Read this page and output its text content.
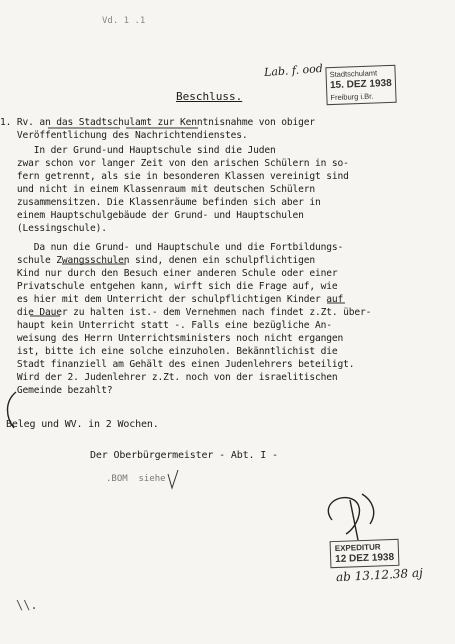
Vd. 1 .1
Lab. f. ood Stadtschulamt
15. DEZ 1938
Freiburg i.Br.
Beschluss.
1. Rv. an das Stadtschulamt zur Kenntnisnahme von obiger
Veröffentlichung des Nachrichtendienstes.
In der Grund-und Hauptschule sind die Juden
zwar schon vor langer Zeit von den arischen Schülern in so-
fern getrennt, als sie in besonderen Klassen vereinigt sind
und nicht in einem Klassenraum mit deutschen Schülern
zusammensitzen. Die Klassenräume befinden sich aber in
einem Hauptschulgebäude der Grund- und Hauptschulen
(Lessingschule).
Da nun die Grund- und Hauptschule und die Fortbildungs-
schule Zwangsschulen sind, denen ein schulpflichtigen
Kind nur durch den Besuch einer anderen Schule oder einer
Privatschule entgehen kann, wirft sich die Frage auf, wie
es hier mit dem Unterricht der schulpflichtigen Kinder auf
die Dauer zu halten ist.- dem Vernehmen nach findet z.Zt. über-
haupt kein Unterricht statt -. Falls eine bezügliche An-
weisung des Herrn Unterrichtsministers noch nicht ergangen
ist, bitte ich eine solche einzuholen. Bekänntlichist die
Stadt finanziell am Gehält des einen Judenlehrers beteiligt.
Wird der 2. Judenlehrer z.Zt. noch von der israelitischen
Gemeinde bezahlt?
Beleg und WV. in 2 Wochen.
Der Oberbürgermeister - Abt. I -
.BOM  siehe
EXPEDITUR
12 DEZ 1938
ab 13.12.38 aj
\\.
